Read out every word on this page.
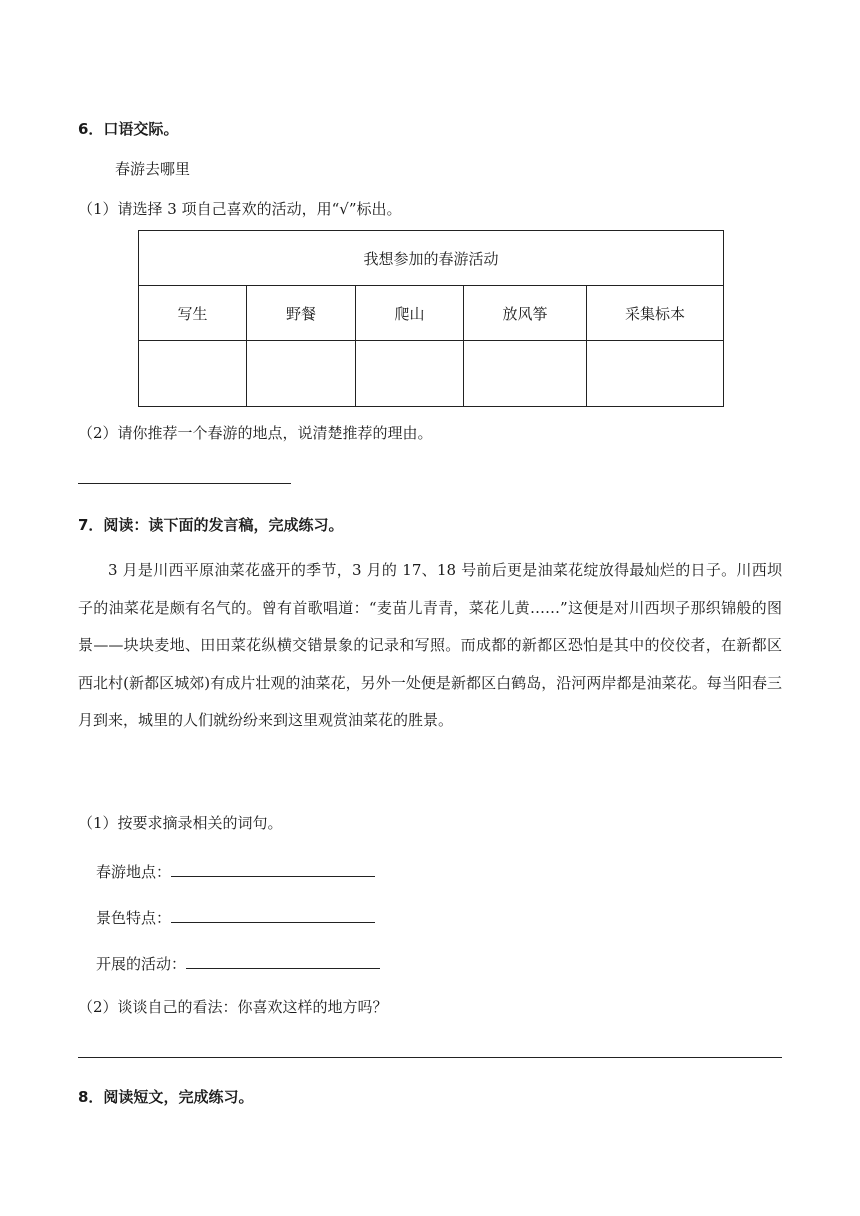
6．口语交际。
春游去哪里
（1）请选择 3 项自己喜欢的活动，用“√”标出。
我想参加的春游活动				
写生	野餐	爬山	放风筝	采集标本

（2）请你推荐一个春游的地点，说清楚推荐的理由。
7．阅读：读下面的发言稿，完成练习。
3 月是川西平原油菜花盛开的季节，3 月的 17、18 号前后更是油菜花绽放得最灿烂的日子。川西坝子的油菜花是颇有名气的。曾有首歌唱道：“麦苗儿青青，菜花儿黄……”这便是对川西坝子那织锦般的图景——块块麦地、田田菜花纵横交错景象的记录和写照。而成都的新都区恐怕是其中的佼佼者，在新都区西北村(新都区城郊)有成片壮观的油菜花，另外一处便是新都区白鹤岛，沿河两岸都是油菜花。每当阳春三月到来，城里的人们就纷纷来到这里观赏油菜花的胜景。
（1）按要求摘录相关的词句。
春游地点：
景色特点：
开展的活动：
（2）谈谈自己的看法：你喜欢这样的地方吗？
8．阅读短文，完成练习。
